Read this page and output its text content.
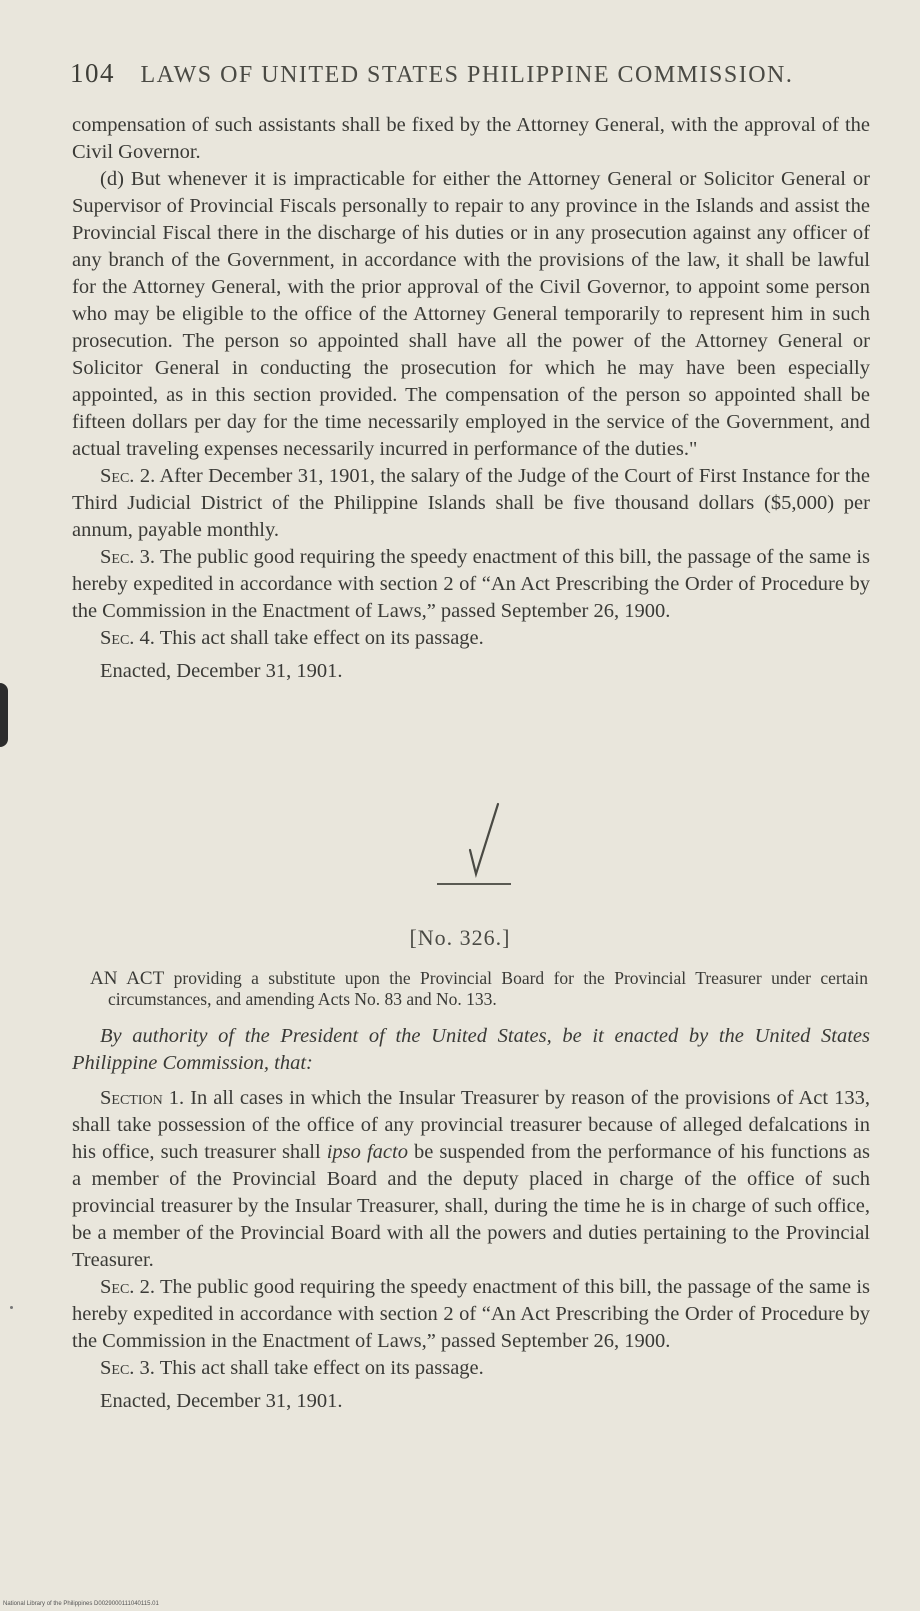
104 LAWS OF UNITED STATES PHILIPPINE COMMISSION.

compensation of such assistants shall be fixed by the Attorney General, with the approval of the Civil Governor.

(d) But whenever it is impracticable for either the Attorney General or Solicitor General or Supervisor of Provincial Fiscals personally to repair to any province in the Islands and assist the Provincial Fiscal there in the discharge of his duties or in any prosecution against any officer of any branch of the Government, in accordance with the provisions of the law, it shall be lawful for the Attorney General, with the prior approval of the Civil Governor, to appoint some person who may be eligible to the office of the Attorney General temporarily to represent him in such prosecution. The person so appointed shall have all the power of the Attorney General or Solicitor General in conducting the prosecution for which he may have been especially appointed, as in this section provided. The compensation of the person so appointed shall be fifteen dollars per day for the time necessarily employed in the service of the Government, and actual traveling expenses necessarily incurred in performance of the duties."

Sec. 2. After December 31, 1901, the salary of the Judge of the Court of First Instance for the Third Judicial District of the Philippine Islands shall be five thousand dollars ($5,000) per annum, payable monthly.

Sec. 3. The public good requiring the speedy enactment of this bill, the passage of the same is hereby expedited in accordance with section 2 of “An Act Prescribing the Order of Procedure by the Commission in the Enactment of Laws,” passed September 26, 1900.

Sec. 4. This act shall take effect on its passage.

Enacted, December 31, 1901.

[No. 326.]

AN ACT providing a substitute upon the Provincial Board for the Provincial Treasurer under certain circumstances, and amending Acts No. 83 and No. 133.

By authority of the President of the United States, be it enacted by the United States Philippine Commission, that:

Section 1. In all cases in which the Insular Treasurer by reason of the provisions of Act 133, shall take possession of the office of any provincial treasurer because of alleged defalcations in his office, such treasurer shall ipso facto be suspended from the performance of his functions as a member of the Provincial Board and the deputy placed in charge of the office of such provincial treasurer by the Insular Treasurer, shall, during the time he is in charge of such office, be a member of the Provincial Board with all the powers and duties pertaining to the Provincial Treasurer.

Sec. 2. The public good requiring the speedy enactment of this bill, the passage of the same is hereby expedited in accordance with section 2 of “An Act Prescribing the Order of Procedure by the Commission in the Enactment of Laws,” passed September 26, 1900.

Sec. 3. This act shall take effect on its passage.

Enacted, December 31, 1901.

National Library of the Philippines D0029000111040115.01
